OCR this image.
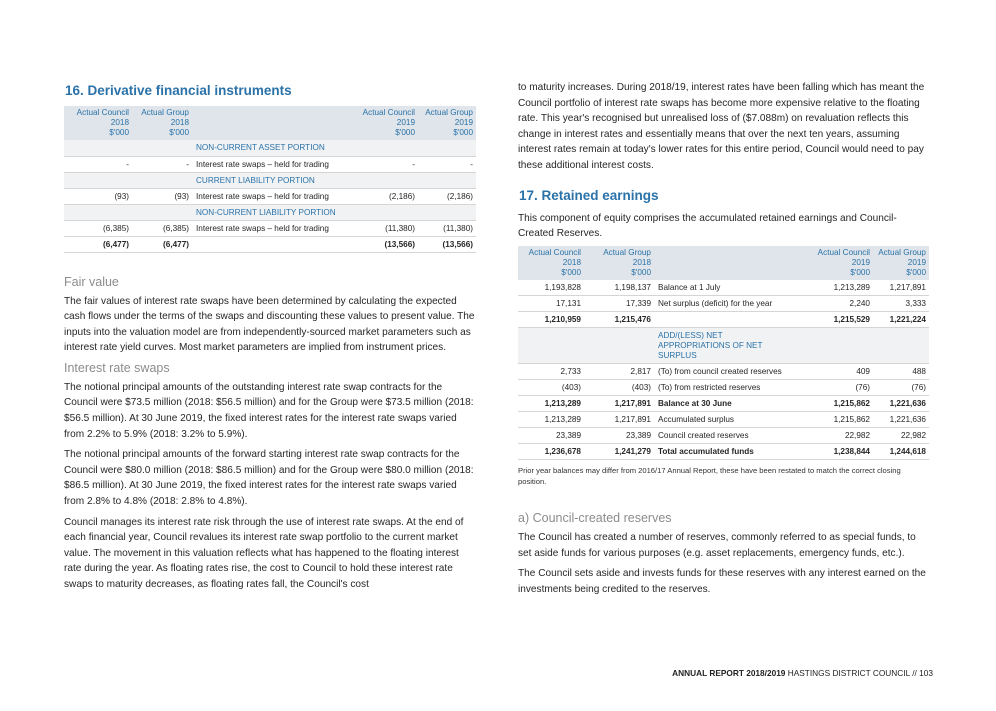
16. Derivative financial instruments
Actual Council
2018
$'000	Actual Group
2018
$'000		Actual Council
2019
$'000	Actual Group
2019
$'000

		NON-CURRENT ASSET PORTION		
-	-	Interest rate swaps – held for trading	-	-
		CURRENT LIABILITY PORTION		
(93)	(93)	Interest rate swaps – held for trading	(2,186)	(2,186)
		NON-CURRENT LIABILITY PORTION		
(6,385)	(6,385)	Interest rate swaps – held for trading	(11,380)	(11,380)
(6,477)	(6,477)		(13,566)	(13,566)
Fair value

The fair values of interest rate swaps have been determined by calculating the expected cash flows under the terms of the swaps and discounting these values to present value. The inputs into the valuation model are from independently-sourced market parameters such as interest rate yield curves. Most market parameters are implied from instrument prices.

Interest rate swaps

The notional principal amounts of the outstanding interest rate swap contracts for the Council were $73.5 million (2018: $56.5 million) and for the Group were $73.5 million (2018: $56.5 million). At 30 June 2019, the fixed interest rates for the interest rate swaps varied from 2.2% to 5.9% (2018: 3.2% to 5.9%).

The notional principal amounts of the forward starting interest rate swap contracts for the Council were $80.0 million (2018: $86.5 million) and for the Group were $80.0 million (2018: $86.5 million). At 30 June 2019, the fixed interest rates for the interest rate swaps varied from 2.8% to 4.8% (2018: 2.8% to 4.8%).

Council manages its interest rate risk through the use of interest rate swaps. At the end of each financial year, Council revalues its interest rate swap portfolio to the current market value. The movement in this valuation reflects what has happened to the floating interest rate during the year. As floating rates rise, the cost to Council to hold these interest rate swaps to maturity decreases, as floating rates fall, the Council's cost

to maturity increases. During 2018/19, interest rates have been falling which has meant the Council portfolio of interest rate swaps has become more expensive relative to the floating rate. This year's recognised but unrealised loss of ($7.088m) on revaluation reflects this change in interest rates and essentially means that over the next ten years, assuming interest rates remain at today's lower rates for this entire period, Council would need to pay these additional interest costs.

17. Retained earnings

This component of equity comprises the accumulated retained earnings and Council-Created Reserves.

Actual Council
2018
$'000	Actual Group
2018
$'000		Actual Council
2019
$'000	Actual Group
2019
$'000

1,193,828	1,198,137	Balance at 1 July	1,213,289	1,217,891
17,131	17,339	Net surplus (deficit) for the year	2,240	3,333
1,210,959	1,215,476		1,215,529	1,221,224
		ADD/(LESS) NET APPROPRIATIONS OF NET SURPLUS		
2,733	2,817	(To) from council created reserves	409	488
(403)	(403)	(To) from restricted reserves	(76)	(76)
1,213,289	1,217,891	Balance at 30 June	1,215,862	1,221,636
1,213,289	1,217,891	Accumulated surplus	1,215,862	1,221,636
23,389	23,389	Council created reserves	22,982	22,982
1,236,678	1,241,279	Total accumulated funds	1,238,844	1,244,618

Prior year balances may differ from 2016/17 Annual Report, these have been restated to match the correct closing position.

a) Council-created reserves

The Council has created a number of reserves, commonly referred to as special funds, to set aside funds for various purposes (e.g. asset replacements, emergency funds, etc.).

The Council sets aside and invests funds for these reserves with any interest earned on the investments being credited to the reserves.

ANNUAL REPORT 2018/2019 HASTINGS DISTRICT COUNCIL // 103
